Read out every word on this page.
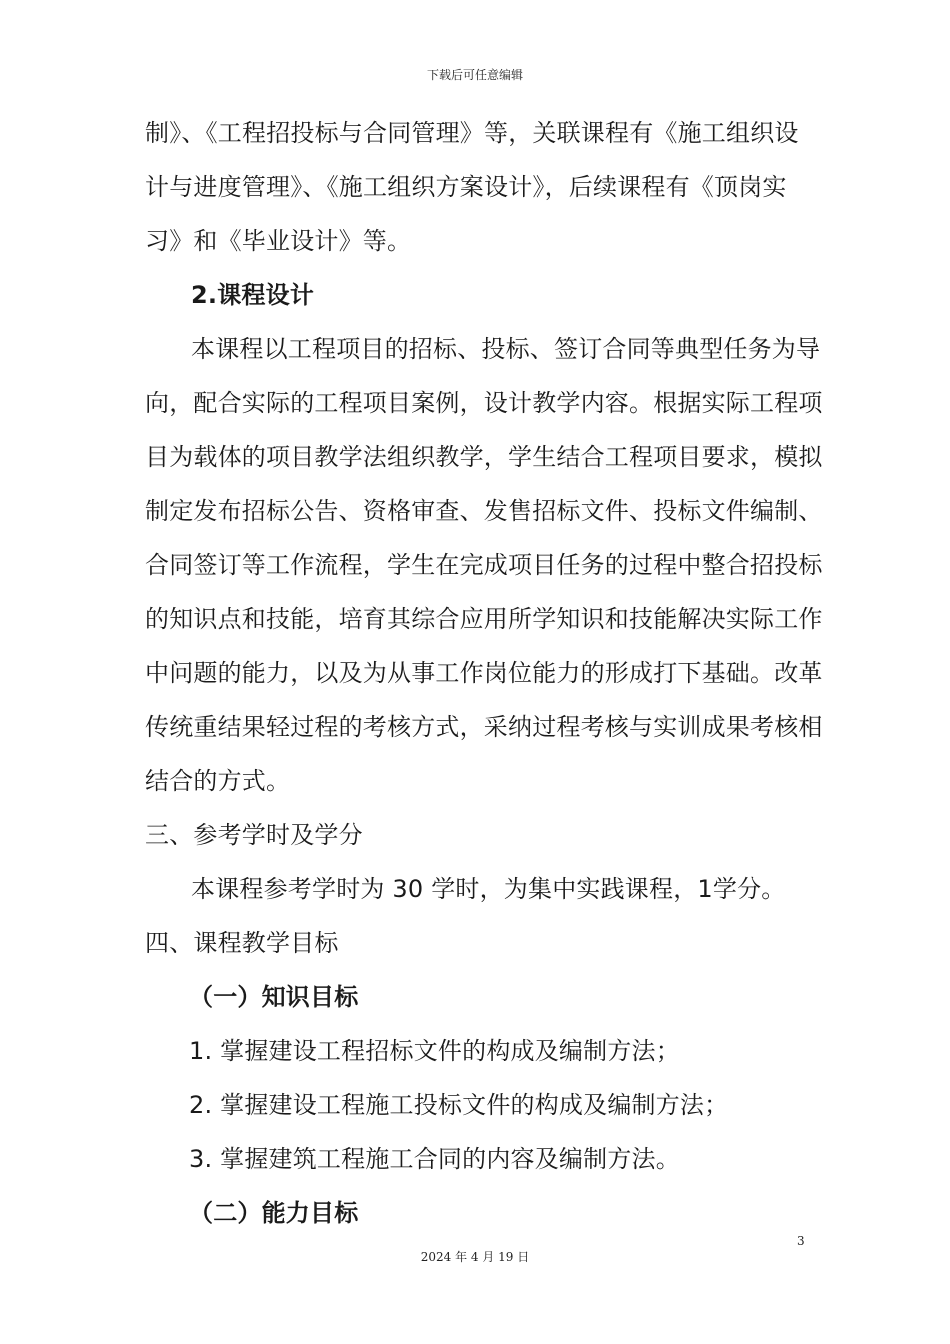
下载后可任意编辑
制》、《工程招投标与合同管理》等，关联课程有《施工组织设
计与进度管理》、《施工组织方案设计》，后续课程有《顶岗实
习》和《毕业设计》等。
2.课程设计
本课程以工程项目的招标、投标、签订合同等典型任务为导
向，配合实际的工程项目案例，设计教学内容。根据实际工程项
目为载体的项目教学法组织教学，学生结合工程项目要求，模拟
制定发布招标公告、资格审查、发售招标文件、投标文件编制、
合同签订等工作流程，学生在完成项目任务的过程中整合招投标
的知识点和技能，培育其综合应用所学知识和技能解决实际工作
中问题的能力，以及为从事工作岗位能力的形成打下基础。改革
传统重结果轻过程的考核方式，采纳过程考核与实训成果考核相
结合的方式。
三、参考学时及学分
本课程参考学时为 30 学时，为集中实践课程，1学分。
四、课程教学目标
（一）知识目标
1. 掌握建设工程招标文件的构成及编制方法；
2. 掌握建设工程施工投标文件的构成及编制方法；
3. 掌握建筑工程施工合同的内容及编制方法。
（二）能力目标
3
2024 年 4 月 19 日
